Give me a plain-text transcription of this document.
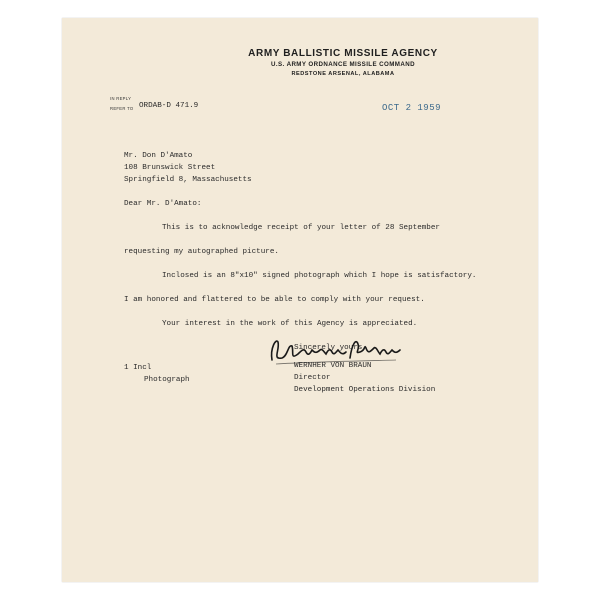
ARMY BALLISTIC MISSILE AGENCY
U.S. ARMY ORDNANCE MISSILE COMMAND
REDSTONE ARSENAL, ALABAMA
IN REPLY
REFER TO ORDAB-D 471.9	OCT 2 1959
Mr. Don D'Amato
108 Brunswick Street
Springfield 8, Massachusetts
Dear Mr. D'Amato:
This is to acknowledge receipt of your letter of 28 September
requesting my autographed picture.
Inclosed is an 8"x10" signed photograph which I hope is satisfactory.
I am honored and flattered to be able to comply with your request.
Your interest in the work of this Agency is appreciated.
Sincerely yours,
WERNHER VON BRAUN
Director
Development Operations Division
1 Incl
Photograph
